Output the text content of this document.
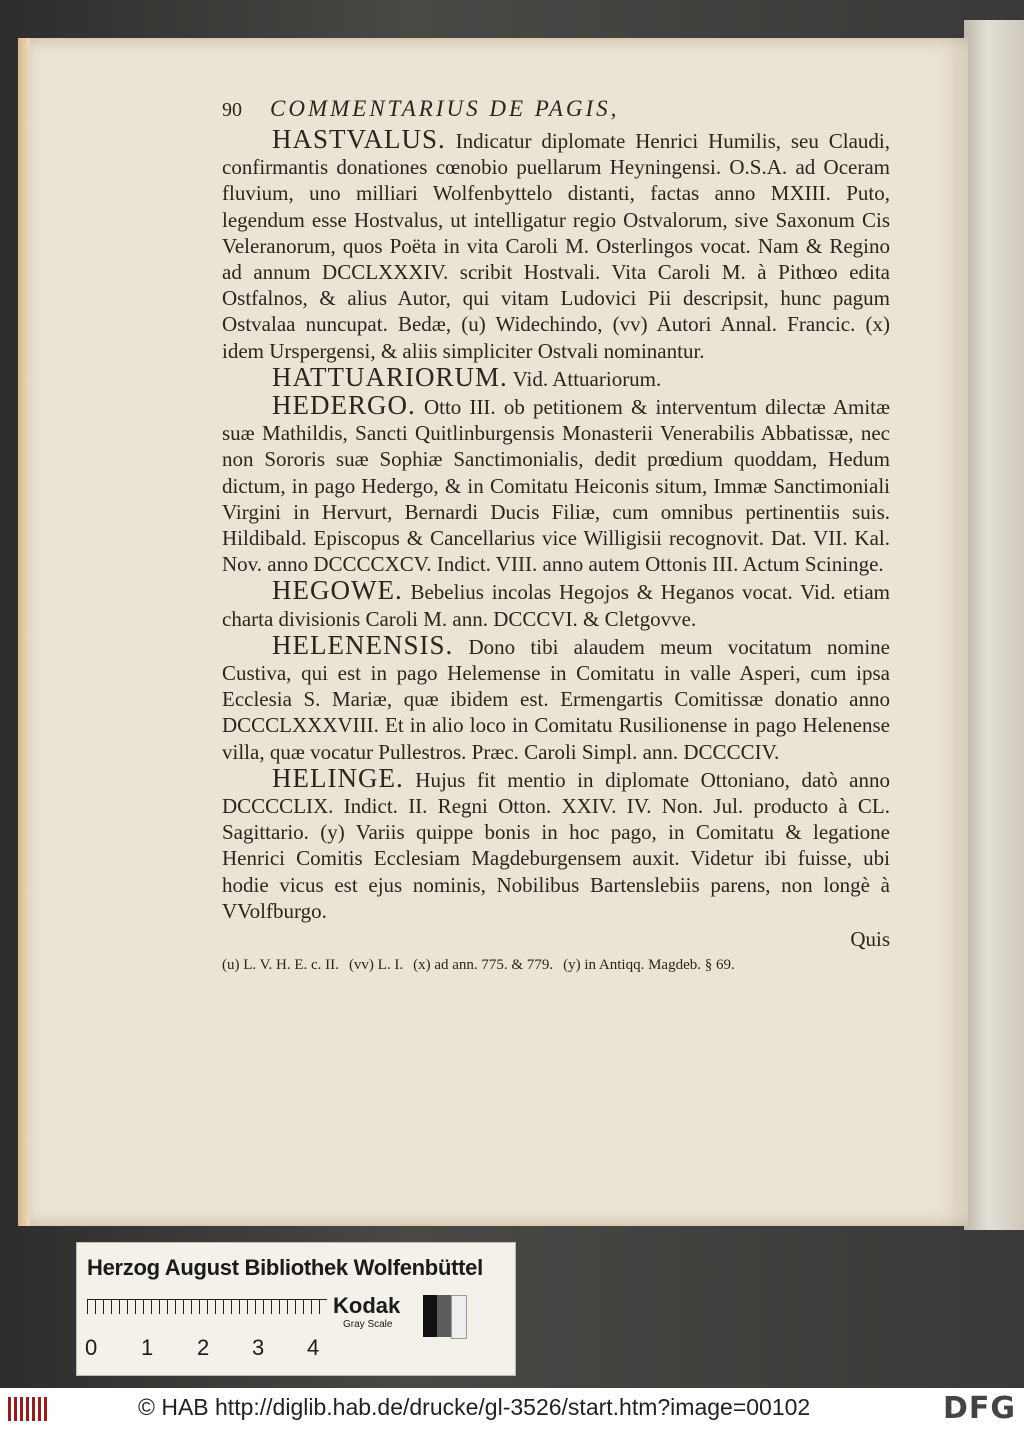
90	COMMENTARIUS DE PAGIS,

HASTVALUS. Indicatur diplomate Henrici Humilis, seu Claudi, confirmantis donationes cœnobio puellarum Heyningensi. O.S.A. ad Oceram fluvium, uno milliari Wolfenbyttelo distanti, factas anno MXIII. Puto, legendum esse Hostvalus, ut intelligatur regio Ostvalorum, sive Saxonum Cis Veleranorum, quos Poëta in vita Caroli M. Osterlingos vocat. Nam & Regino ad annum DCCLXXXIV. scribit Hostvali. Vita Caroli M. à Pithœo edita Ostfalnos, & alius Autor, qui vitam Ludovici Pii descripsit, hunc pagum Ostvalaa nuncupat. Bedæ, (u) Widechindo, (vv) Autori Annal. Francic. (x) idem Urspergensi, & aliis simpliciter Ostvali nominantur.

HATTUARIORUM. Vid. Attuariorum.

HEDERGO. Otto III. ob petitionem & interventum dilectæ Amitæ suæ Mathildis, Sancti Quitlinburgensis Monasterii Venerabilis Abbatissæ, nec non Sororis suæ Sophiæ Sanctimonialis, dedit prœdium quoddam, Hedum dictum, in pago Hedergo, & in Comitatu Heiconis situm, Immæ Sanctimoniali Virgini in Hervurt, Bernardi Ducis Filiæ, cum omnibus pertinentiis suis. Hildibald. Episcopus & Cancellarius vice Willigisii recognovit. Dat. VII. Kal. Nov. anno DCCCCXCV. Indict. VIII. anno autem Ottonis III. Actum Scininge.

HEGOWE. Bebelius incolas Hegojos & Heganos vocat. Vid. etiam charta divisionis Caroli M. ann. DCCCVI. & Cletgovve.

HELENENSIS. Dono tibi alaudem meum vocitatum nomine Custiva, qui est in pago Helemense in Comitatu in valle Asperi, cum ipsa Ecclesia S. Mariæ, quæ ibidem est. Ermengartis Comitissæ donatio anno DCCCLXXXVIII. Et in alio loco in Comitatu Rusilionense in pago Helenense villa, quæ vocatur Pullestros. Præc. Caroli Simpl. ann. DCCCCIV.

HELINGE. Hujus fit mentio in diplomate Ottoniano, datò anno DCCCCLIX. Indict. II. Regni Otton. XXIV. IV. Non. Jul. producto à CL. Sagittario. (y) Variis quippe bonis in hoc pago, in Comitatu & legatione Henrici Comitis Ecclesiam Magdeburgensem auxit. Videtur ibi fuisse, ubi hodie vicus est ejus nominis, Nobilibus Bartenslebiis parens, non longè à VVolfburgo.

Quis
(u) L. V. H. E. c. II. (vv) L. I. (x) ad ann. 775. & 779. (y) in Antiqq. Magdeb. § 69.
Herzog August Bibliothek Wolfenbüttel
0 1 2 3 4
Kodak
Gray Scale
© HAB http://diglib.hab.de/drucke/gl-3526/start.htm?image=00102	DFG
